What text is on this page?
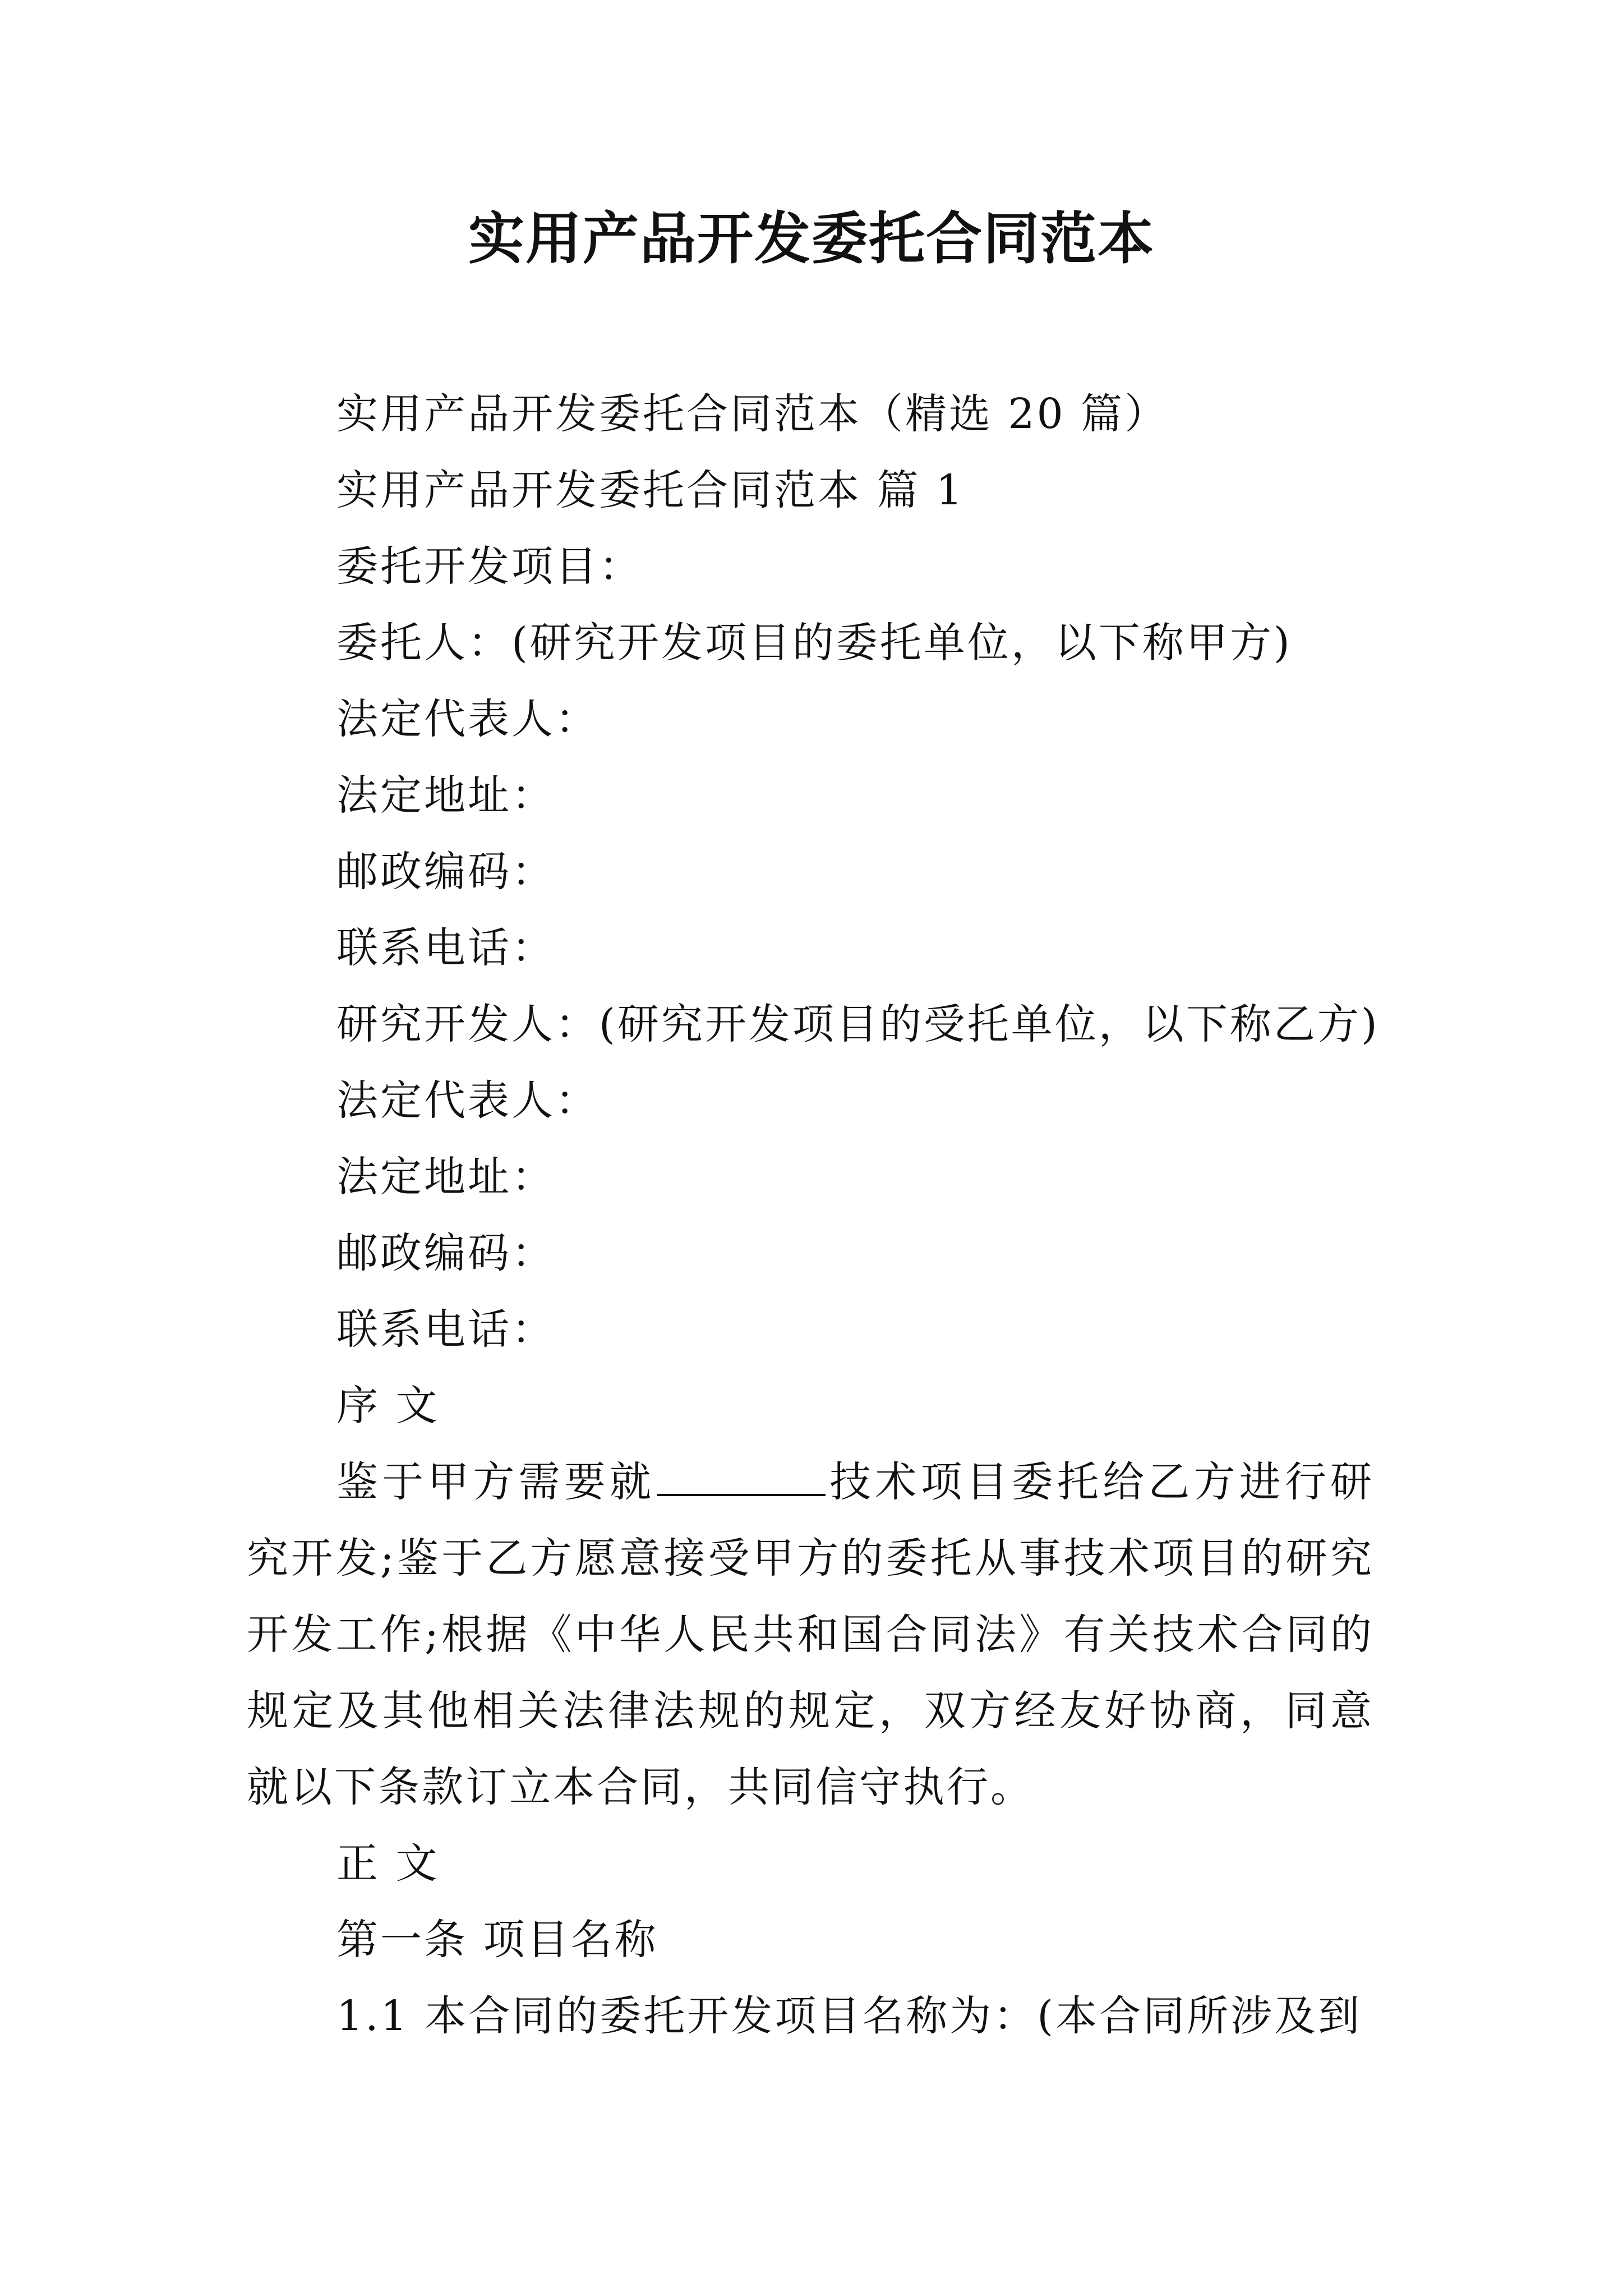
实用产品开发委托合同范本
实用产品开发委托合同范本（精选 20 篇）
实用产品开发委托合同范本 篇 1
委托开发项目：
委托人：(研究开发项目的委托单位，以下称甲方)
法定代表人：
法定地址：
邮政编码：
联系电话：
研究开发人：(研究开发项目的受托单位，以下称乙方)
法定代表人：
法定地址：
邮政编码：
联系电话：
序 文
鉴于甲方需要就	技术项目委托给乙方进行研究开发;鉴于乙方愿意接受甲方的委托从事技术项目的研究开发工作;根据《中华人民共和国合同法》有关技术合同的规定及其他相关法律法规的规定，双方经友好协商，同意就以下条款订立本合同，共同信守执行。
正 文
第一条 项目名称
1.1 本合同的委托开发项目名称为：(本合同所涉及到
